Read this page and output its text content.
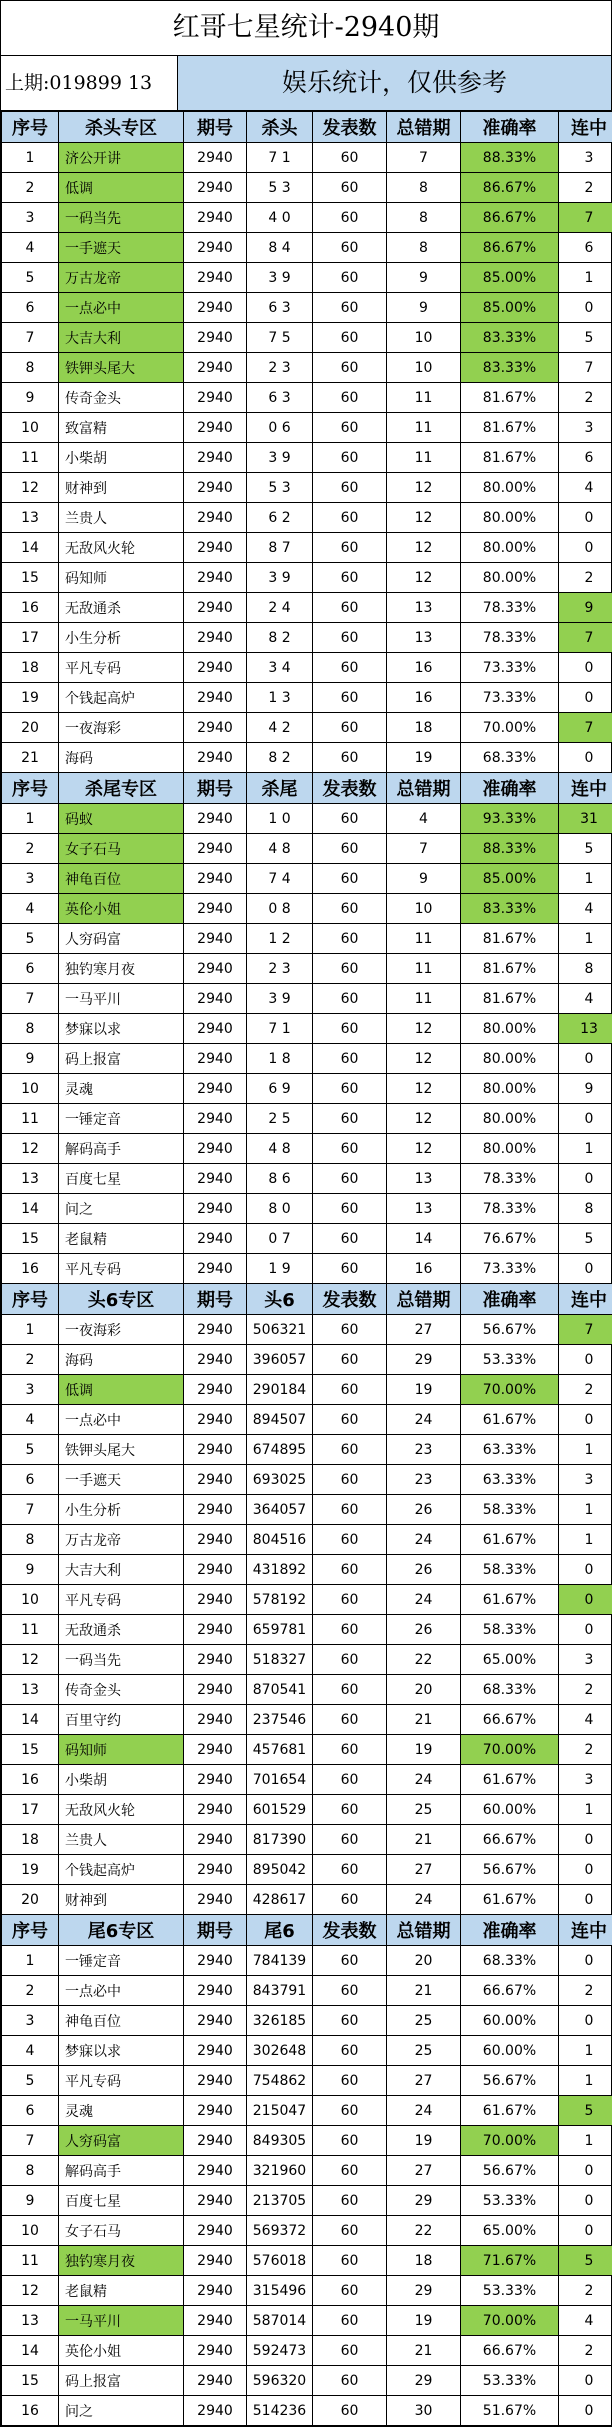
红哥七星统计-2940期
上期:019899 13	娱乐统计，仅供参考
序号	杀头专区	期号	杀头	发表数	总错期	准确率	连中
1	济公开讲	2940	7 1	60	7	88.33%	3
2	低调	2940	5 3	60	8	86.67%	2
3	一码当先	2940	4 0	60	8	86.67%	7
4	一手遮天	2940	8 4	60	8	86.67%	6
5	万古龙帝	2940	3 9	60	9	85.00%	1
6	一点必中	2940	6 3	60	9	85.00%	0
7	大吉大利	2940	7 5	60	10	83.33%	5
8	铁钾头尾大	2940	2 3	60	10	83.33%	7
9	传奇金头	2940	6 3	60	11	81.67%	2
10	致富精	2940	0 6	60	11	81.67%	3
11	小柴胡	2940	3 9	60	11	81.67%	6
12	财神到	2940	5 3	60	12	80.00%	4
13	兰贵人	2940	6 2	60	12	80.00%	0
14	无敌风火轮	2940	8 7	60	12	80.00%	0
15	码知师	2940	3 9	60	12	80.00%	2
16	无敌通杀	2940	2 4	60	13	78.33%	9
17	小生分析	2940	8 2	60	13	78.33%	7
18	平凡专码	2940	3 4	60	16	73.33%	0
19	个钱起高炉	2940	1 3	60	16	73.33%	0
20	一夜海彩	2940	4 2	60	18	70.00%	7
21	海码	2940	8 2	60	19	68.33%	0
序号	杀尾专区	期号	杀尾	发表数	总错期	准确率	连中
1	码蚁	2940	1 0	60	4	93.33%	31
2	女子石马	2940	4 8	60	7	88.33%	5
3	神龟百位	2940	7 4	60	9	85.00%	1
4	英伦小姐	2940	0 8	60	10	83.33%	4
5	人穷码富	2940	1 2	60	11	81.67%	1
6	独钓寒月夜	2940	2 3	60	11	81.67%	8
7	一马平川	2940	3 9	60	11	81.67%	4
8	梦寐以求	2940	7 1	60	12	80.00%	13
9	码上报富	2940	1 8	60	12	80.00%	0
10	灵魂	2940	6 9	60	12	80.00%	9
11	一锤定音	2940	2 5	60	12	80.00%	0
12	解码高手	2940	4 8	60	12	80.00%	1
13	百度七星	2940	8 6	60	13	78.33%	0
14	问之	2940	8 0	60	13	78.33%	8
15	老鼠精	2940	0 7	60	14	76.67%	5
16	平凡专码	2940	1 9	60	16	73.33%	0
序号	头6专区	期号	头6	发表数	总错期	准确率	连中
1	一夜海彩	2940	506321	60	27	56.67%	7
2	海码	2940	396057	60	29	53.33%	0
3	低调	2940	290184	60	19	70.00%	2
4	一点必中	2940	894507	60	24	61.67%	0
5	铁钾头尾大	2940	674895	60	23	63.33%	1
6	一手遮天	2940	693025	60	23	63.33%	3
7	小生分析	2940	364057	60	26	58.33%	1
8	万古龙帝	2940	804516	60	24	61.67%	1
9	大吉大利	2940	431892	60	26	58.33%	0
10	平凡专码	2940	578192	60	24	61.67%	0
11	无敌通杀	2940	659781	60	26	58.33%	0
12	一码当先	2940	518327	60	22	65.00%	3
13	传奇金头	2940	870541	60	20	68.33%	2
14	百里守约	2940	237546	60	21	66.67%	4
15	码知师	2940	457681	60	19	70.00%	2
16	小柴胡	2940	701654	60	24	61.67%	3
17	无敌风火轮	2940	601529	60	25	60.00%	1
18	兰贵人	2940	817390	60	21	66.67%	0
19	个钱起高炉	2940	895042	60	27	56.67%	0
20	财神到	2940	428617	60	24	61.67%	0
序号	尾6专区	期号	尾6	发表数	总错期	准确率	连中
1	一锤定音	2940	784139	60	20	68.33%	0
2	一点必中	2940	843791	60	21	66.67%	2
3	神龟百位	2940	326185	60	25	60.00%	0
4	梦寐以求	2940	302648	60	25	60.00%	1
5	平凡专码	2940	754862	60	27	56.67%	1
6	灵魂	2940	215047	60	24	61.67%	5
7	人穷码富	2940	849305	60	19	70.00%	1
8	解码高手	2940	321960	60	27	56.67%	0
9	百度七星	2940	213705	60	29	53.33%	0
10	女子石马	2940	569372	60	22	65.00%	0
11	独钓寒月夜	2940	576018	60	18	71.67%	5
12	老鼠精	2940	315496	60	29	53.33%	2
13	一马平川	2940	587014	60	19	70.00%	4
14	英伦小姐	2940	592473	60	21	66.67%	2
15	码上报富	2940	596320	60	29	53.33%	0
16	问之	2940	514236	60	30	51.67%	0
